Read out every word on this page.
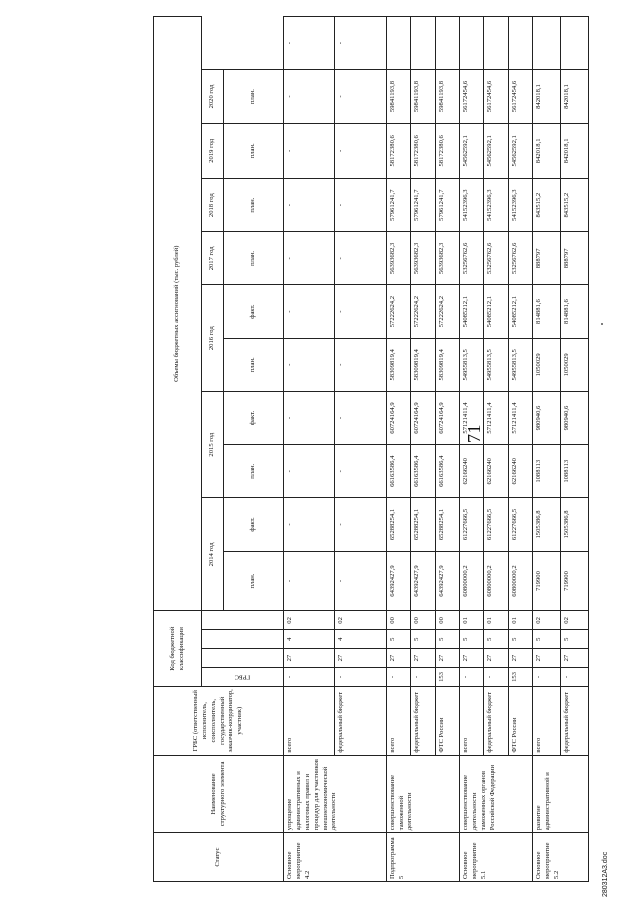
71
Статус	Наименование структурного элемента	ГРБС (ответственный исполнитель, соисполнитель, государственный заказчик-координатор, участник)	Код бюджетной классификации				Объемы бюджетных ассигнований (тыс. рублей)										
			ГРБС				2014 год		2015 год		2016 год		2017 год	2018 год	2019 год	2020 год	
							план.	факт.	план.	факт.	план.	факт.	план.	план.	план.	план.	
Основное мероприятие 4.2	упрощение административных и налоговых правил и процедур для участников внешнеэкономической деятельности	всего	-	27	4	02	-	-	-	-	-	-	-	-	-	-	-
		федеральный бюджет	-	27	4	02	-	-	-	-	-	-	-	-	-	-	-
Подпрограмма 5	совершенствование таможенной деятельности	всего	-	27	5	00	64392427,9	65288254,1	66163586,4	60724164,9	58309819,4	57222624,2	56393682,3	57961241,7	58172380,6	59841193,8	
		федеральный бюджет	-	27	5	00	64392427,9	65288254,1	66163586,4	60724164,9	58309819,4	57222624,2	56393682,3	57961241,7	58172380,6	59841193,8	
		ФТС России	153	27	5	00	64392427,9	65288254,1	66163586,4	60724164,9	58309819,4	57222624,2	56393682,3	57961241,7	58172380,6	59841193,8	
Основное мероприятие 5.1	совершенствование деятельности таможенных органов Российской Федерации	всего	-	27	5	01	60800000,2	61227666,5	62166240	57121411,4	54955813,5	54085212,1	53256762,6	54152396,3	54562592,1	56172454,6	
		федеральный бюджет	-	27	5	01	60800000,2	61227666,5	62166240	57121411,4	54955813,5	54085212,1	53256762,6	54152396,3	54562592,1	56172454,6	
		ФТС России	153	27	5	01	60800000,2	61227666,5	62166240	57121411,4	54955813,5	54085212,1	53256762,6	54152396,3	54562592,1	56172454,6	
Основное мероприятие 5.2	развитие административной и	всего	-	27	5	02	719900	1505386,8	1088113	980940,6	1050029	814881,6	888797	843515,2	842018,1	842018,1	
		федеральный бюджет	-	27	5	02	719900	1505386,8	1088113	980940,6	1050029	814881,6	888797	843515,2	842018,1	842018,1	
280312A3.doc
